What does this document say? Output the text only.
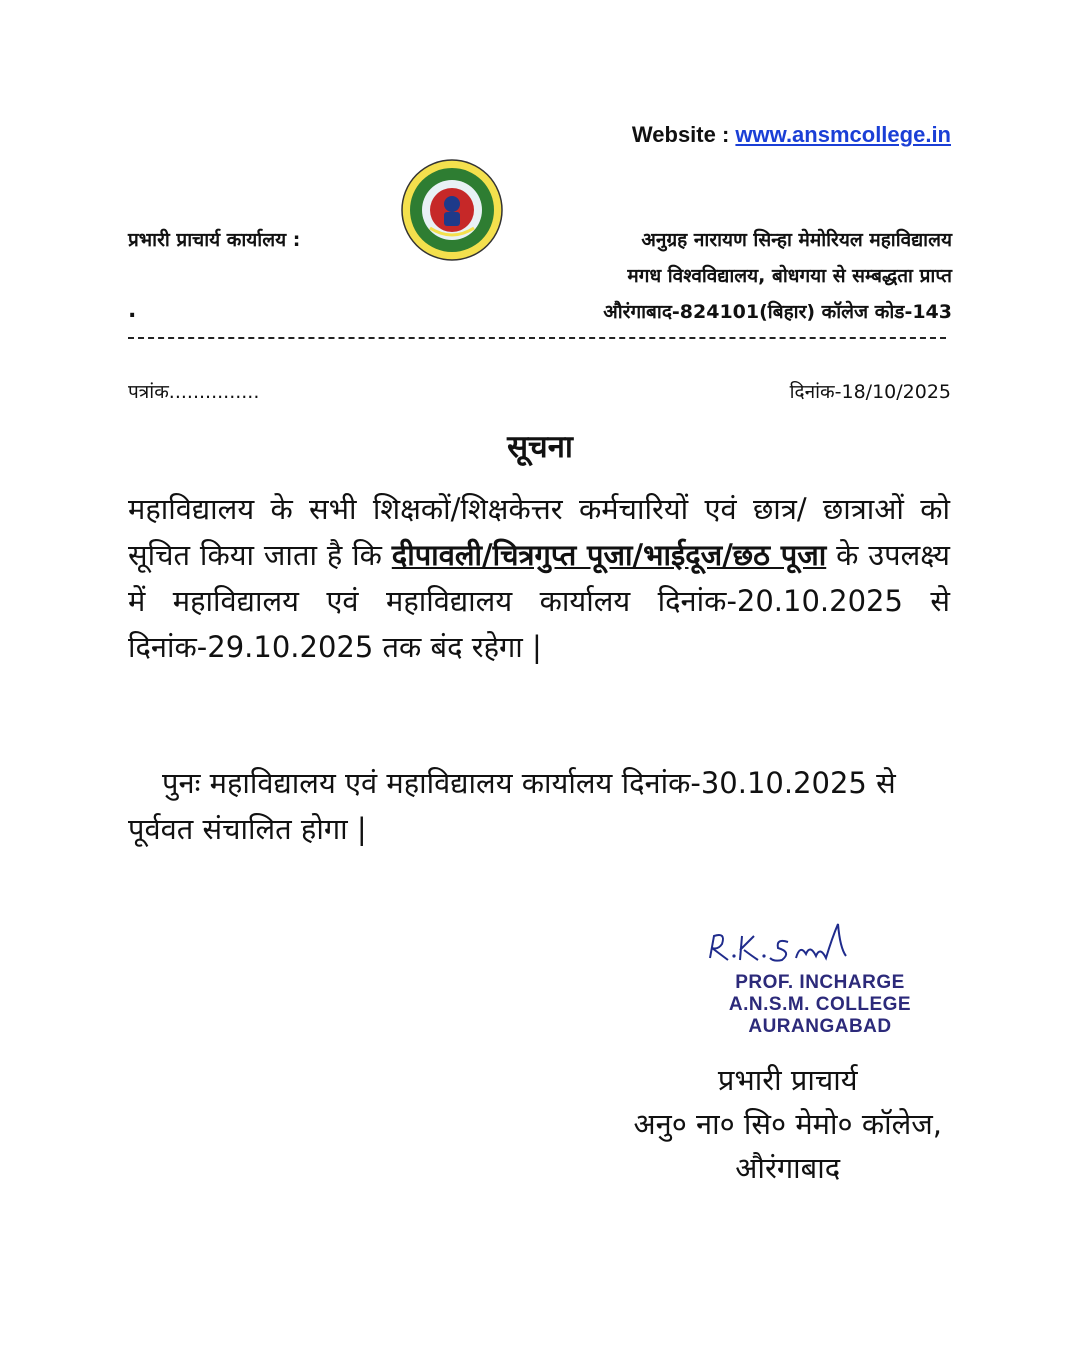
Website : www.ansmcollege.in
प्रभारी प्राचार्य कार्यालय :
.
अनुग्रह नारायण सिन्हा मेमोरियल महाविद्यालय
मगध विश्वविद्यालय, बोधगया से सम्बद्धता प्राप्त
औरंगाबाद-824101(बिहार) कॉलेज कोड-143
पत्रांक...............	दिनांक-18/10/2025
सूचना
महाविद्यालय के सभी शिक्षकों/शिक्षकेत्तर कर्मचारियों एवं छात्र/ छात्राओं को सूचित किया जाता है कि दीपावली/चित्रगुप्त पूजा/भाईदूज/छठ पूजा के उपलक्ष्य में महाविद्यालय एवं महाविद्यालय कार्यालय दिनांक-20.10.2025 से दिनांक-29.10.2025 तक बंद रहेगा |
पुनः महाविद्यालय एवं महाविद्यालय कार्यालय दिनांक-30.10.2025 से पूर्ववत संचालित होगा |
PROF. INCHARGE
A.N.S.M. COLLEGE
AURANGABAD
प्रभारी प्राचार्य
अनु० ना० सि० मेमो० कॉलेज,
औरंगाबाद
